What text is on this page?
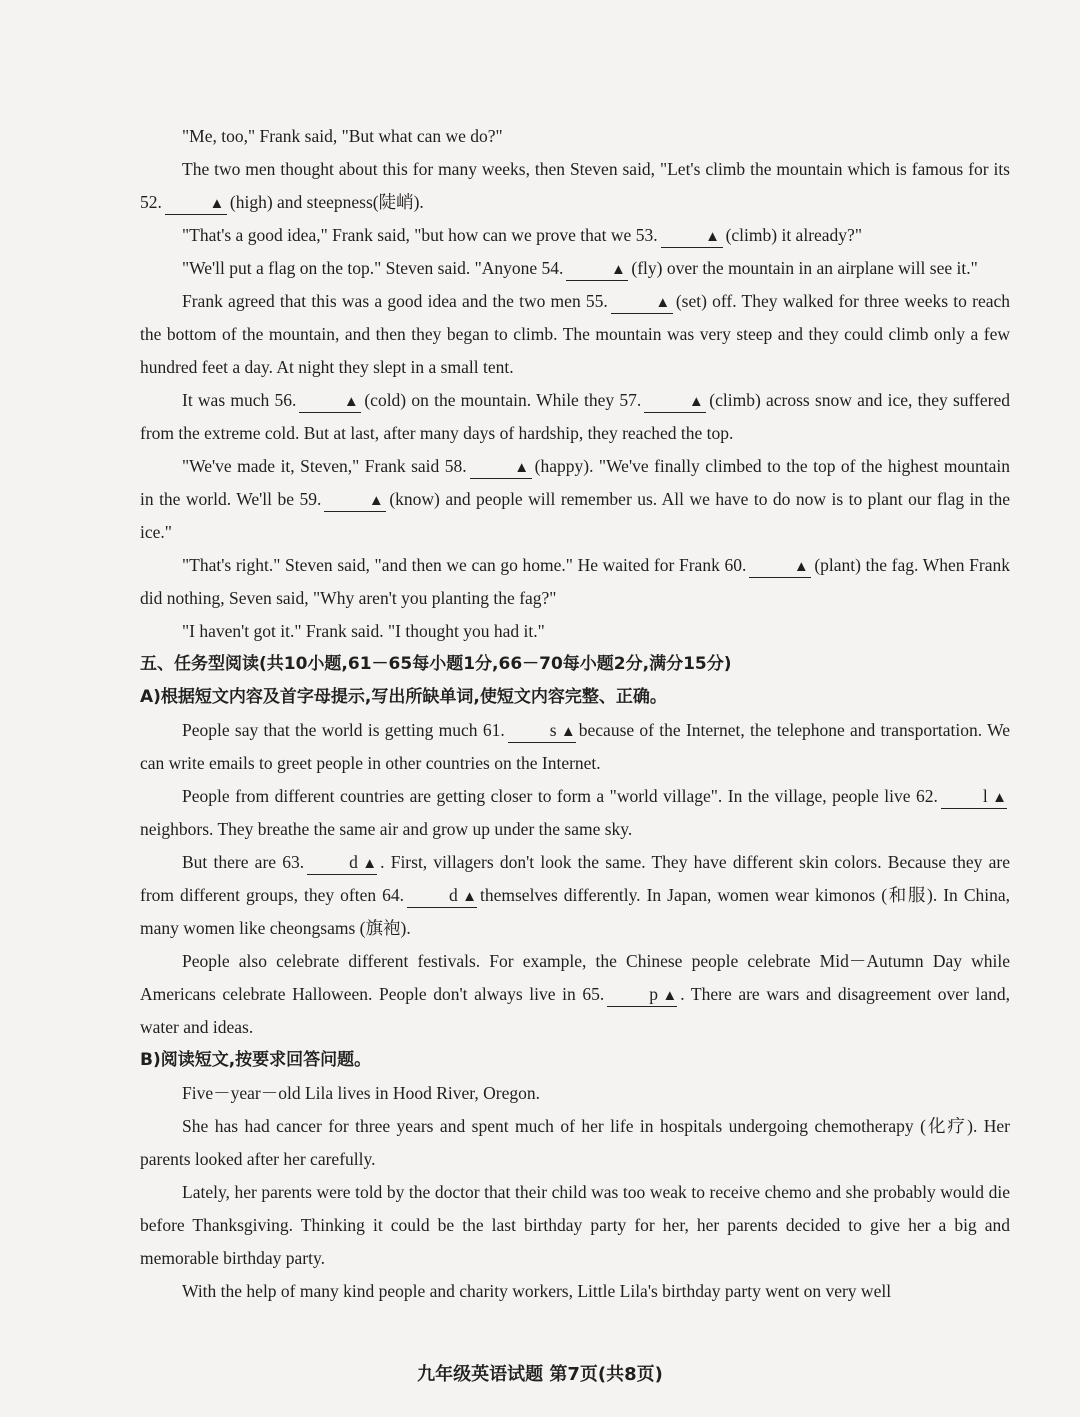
"Me, too," Frank said, "But what can we do?"

The two men thought about this for many weeks, then Steven said, "Let's climb the mountain which is famous for its 52.	▲ (high) and steepness(陡峭).

"That's a good idea," Frank said, "but how can we prove that we 53.	▲ (climb) it already?"

"We'll put a flag on the top." Steven said. "Anyone 54.	▲ (fly) over the mountain in an airplane will see it."

Frank agreed that this was a good idea and the two men 55.	▲ (set) off. They walked for three weeks to reach the bottom of the mountain, and then they began to climb. The mountain was very steep and they could climb only a few hundred feet a day. At night they slept in a small tent.

It was much 56.	▲ (cold) on the mountain. While they 57.	▲ (climb) across snow and ice, they suffered from the extreme cold. But at last, after many days of hardship, they reached the top.

"We've made it, Steven," Frank said 58.	▲ (happy). "We've finally climbed to the top of the highest mountain in the world. We'll be 59.	▲ (know) and people will remember us. All we have to do now is to plant our flag in the ice."

"That's right." Steven said, "and then we can go home." He waited for Frank 60.	▲ (plant) the fag. When Frank did nothing, Seven said, "Why aren't you planting the fag?"

"I haven't got it." Frank said. "I thought you had it."

五、任务型阅读(共10小题,61－65每小题1分,66－70每小题2分,满分15分)

A)根据短文内容及首字母提示,写出所缺单词,使短文内容完整、正确。

People say that the world is getting much 61.	s ▲ because of the Internet, the telephone and transportation. We can write emails to greet people in other countries on the Internet.

People from different countries are getting closer to form a "world village". In the village, people live 62.	l ▲neighbors. They breathe the same air and grow up under the same sky.

But there are 63.	d ▲ . First, villagers don't look the same. They have different skin colors. Because they are from different groups, they often 64.	d ▲ themselves differently. In Japan, women wear kimonos (和服). In China, many women like cheongsams (旗袍).

People also celebrate different festivals. For example, the Chinese people celebrate Mid－Autumn Day while Americans celebrate Halloween. People don't always live in 65.	p ▲ . There are wars and disagreement over land, water and ideas.

B)阅读短文,按要求回答问题。

Five－year－old Lila lives in Hood River, Oregon.

She has had cancer for three years and spent much of her life in hospitals undergoing chemotherapy (化疗). Her parents looked after her carefully.

Lately, her parents were told by the doctor that their child was too weak to receive chemo and she probably would die before Thanksgiving. Thinking it could be the last birthday party for her, her parents decided to give her a big and memorable birthday party.

With the help of many kind people and charity workers, Little Lila's birthday party went on very well

九年级英语试题 第7页(共8页)
